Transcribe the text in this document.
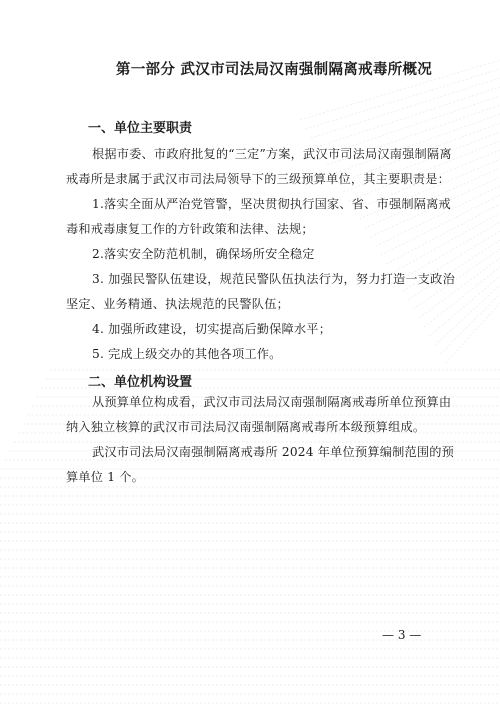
第一部分 武汉市司法局汉南强制隔离戒毒所概况
一、单位主要职责

根据市委、市政府批复的“三定”方案，武汉市司法局汉南强制隔离戒毒所是隶属于武汉市司法局领导下的三级预算单位，其主要职责是：

1.落实全面从严治党管警，坚决贯彻执行国家、省、市强制隔离戒毒和戒毒康复工作的方针政策和法律、法规；

2.落实安全防范机制，确保场所安全稳定

3. 加强民警队伍建设，规范民警队伍执法行为，努力打造一支政治坚定、业务精通、执法规范的民警队伍；

4. 加强所政建设，切实提高后勤保障水平；

5. 完成上级交办的其他各项工作。

二、单位机构设置

从预算单位构成看，武汉市司法局汉南强制隔离戒毒所单位预算由纳入独立核算的武汉市司法局汉南强制隔离戒毒所本级预算组成。

武汉市司法局汉南强制隔离戒毒所 2024 年单位预算编制范围的预算单位 1 个。

— 3 —
